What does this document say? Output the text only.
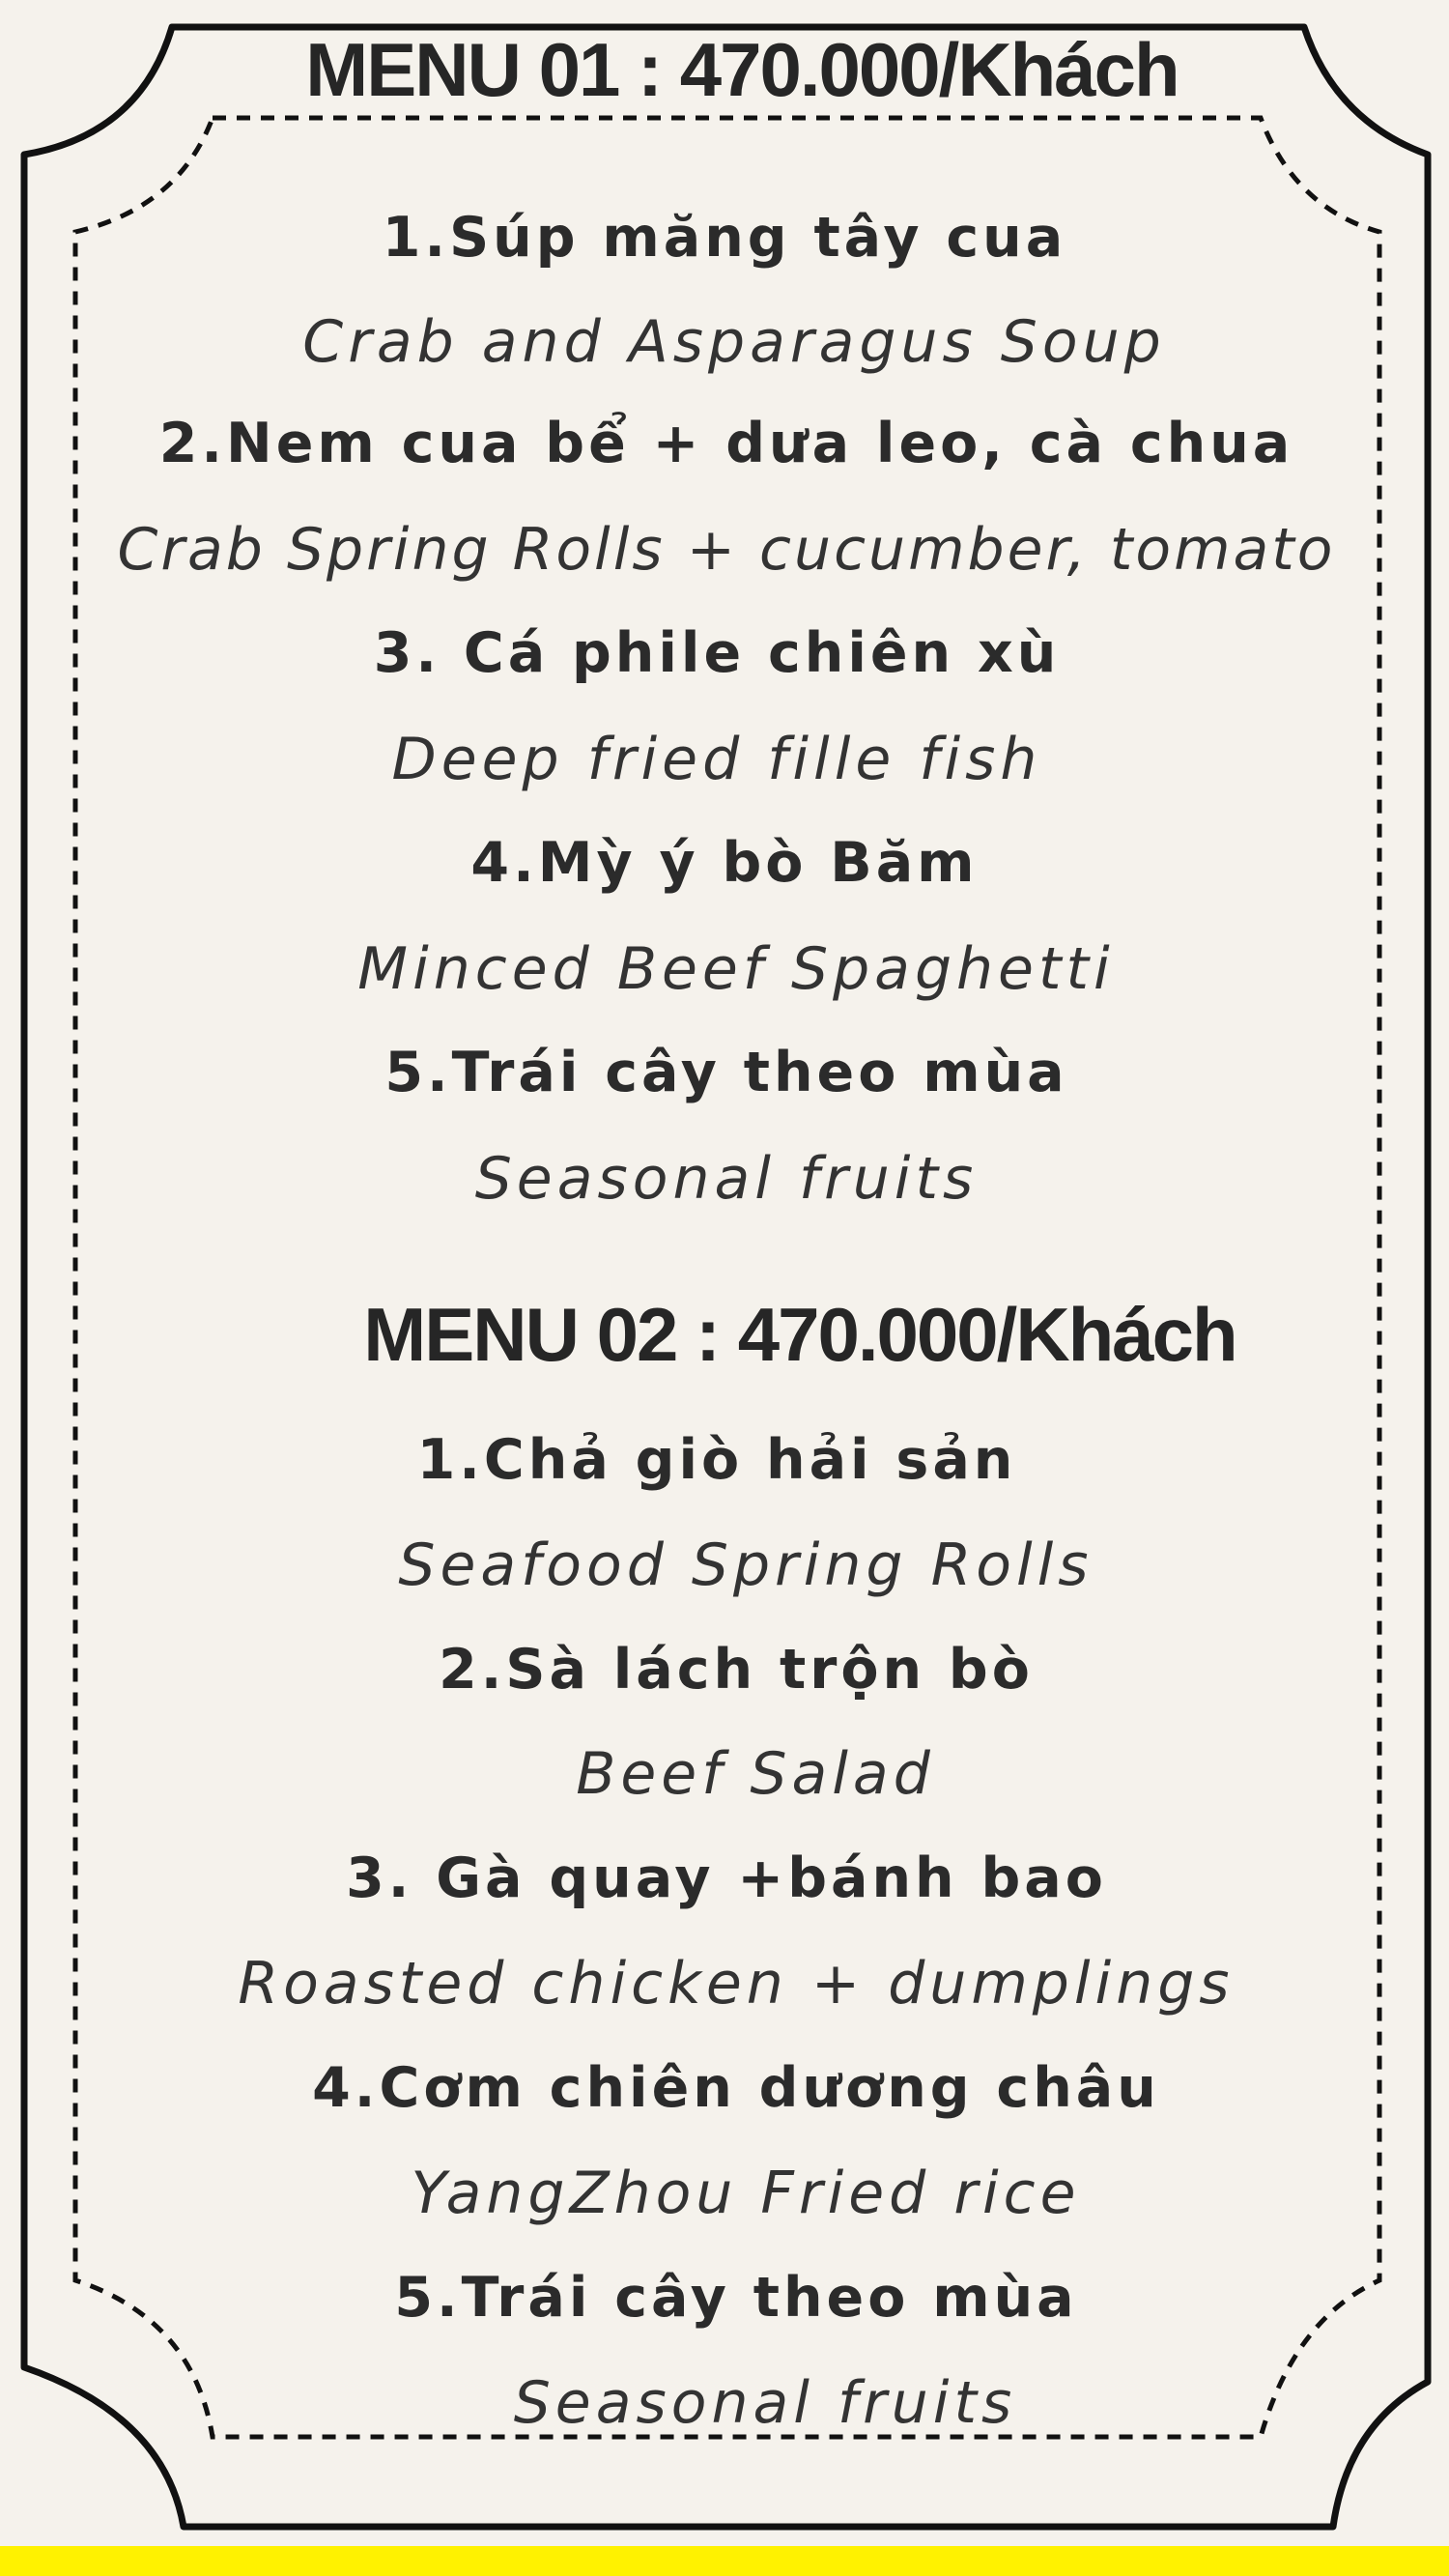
MENU 01 : 470.000/Khách
1.Súp măng tây cua
Crab and Asparagus Soup
2.Nem cua bể + dưa leo, cà chua
Crab Spring Rolls + cucumber, tomato
3. Cá phile chiên xù
Deep fried fille fish
4.Mỳ ý bò Băm
Minced Beef Spaghetti
5.Trái cây theo mùa
Seasonal fruits
MENU 02 : 470.000/Khách
1.Chả giò hải sản
Seafood Spring Rolls
2.Sà lách trộn bò
Beef Salad
3. Gà quay +bánh bao
Roasted chicken + dumplings
4.Cơm chiên dương châu
YangZhou Fried rice
5.Trái cây theo mùa
Seasonal fruits
